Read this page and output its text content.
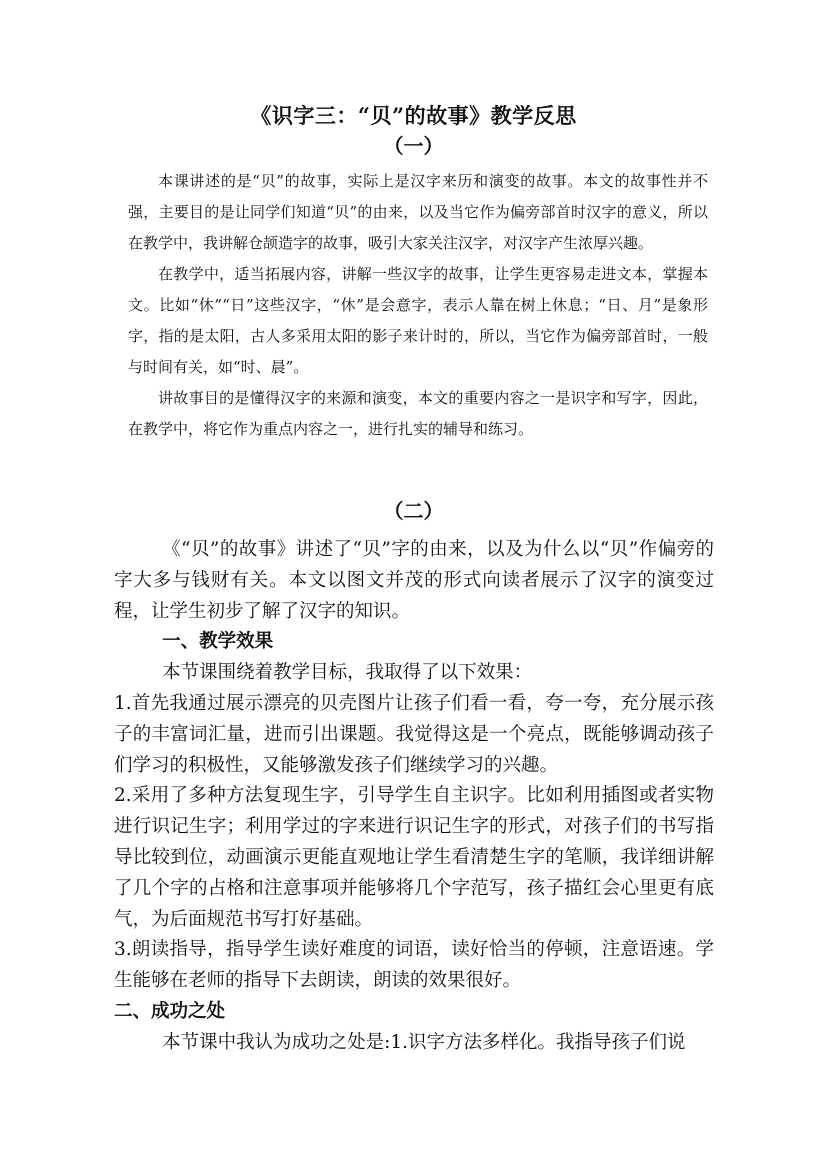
《识字三：“贝”的故事》教学反思
（一）

本课讲述的是“贝”的故事，实际上是汉字来历和演变的故事。本文的故事性并不强，主要目的是让同学们知道“贝”的由来，以及当它作为偏旁部首时汉字的意义，所以在教学中，我讲解仓颉造字的故事，吸引大家关注汉字，对汉字产生浓厚兴趣。

在教学中，适当拓展内容，讲解一些汉字的故事，让学生更容易走进文本，掌握本文。比如“休”“日”这些汉字，“休”是会意字，表示人靠在树上休息；“日、月”是象形字，指的是太阳，古人多采用太阳的影子来计时的，所以，当它作为偏旁部首时，一般与时间有关，如“时、晨”。

讲故事目的是懂得汉字的来源和演变，本文的重要内容之一是识字和写字，因此，在教学中，将它作为重点内容之一，进行扎实的辅导和练习。

（二）

《“贝”的故事》讲述了“贝”字的由来，以及为什么以“贝”作偏旁的字大多与钱财有关。本文以图文并茂的形式向读者展示了汉字的演变过程，让学生初步了解了汉字的知识。

一、教学效果

本节课围绕着教学目标，我取得了以下效果：

1.首先我通过展示漂亮的贝壳图片让孩子们看一看，夸一夸，充分展示孩子的丰富词汇量，进而引出课题。我觉得这是一个亮点，既能够调动孩子们学习的积极性，又能够激发孩子们继续学习的兴趣。

2.采用了多种方法复现生字，引导学生自主识字。比如利用插图或者实物进行识记生字；利用学过的字来进行识记生字的形式，对孩子们的书写指导比较到位，动画演示更能直观地让学生看清楚生字的笔顺，我详细讲解了几个字的占格和注意事项并能够将几个字范写，孩子描红会心里更有底气，为后面规范书写打好基础。

3.朗读指导，指导学生读好难度的词语，读好恰当的停顿，注意语速。学生能够在老师的指导下去朗读，朗读的效果很好。

二、成功之处

本节课中我认为成功之处是:1.识字方法多样化。我指导孩子们说
